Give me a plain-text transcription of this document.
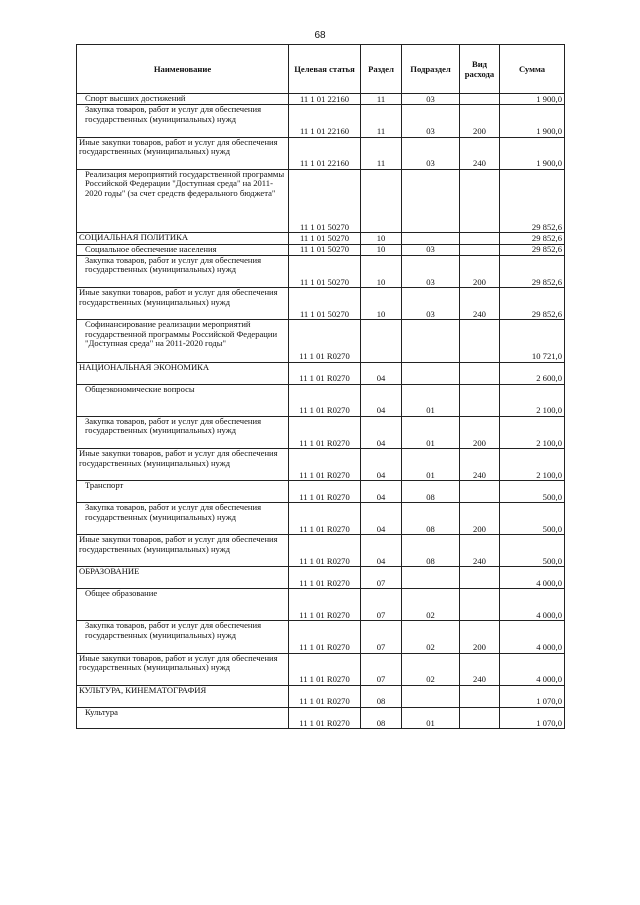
68
Наименование	Целевая статья	Раздел	Подраздел	Вид расхода	Сумма
Спорт высших достижений	11 1 01 22160	11	03		1 900,0
Закупка товаров, работ и услуг для обеспечения государственных (муниципальных) нужд	11 1 01 22160	11	03	200	1 900,0
Иные закупки товаров, работ и услуг для обеспечения государственных (муниципальных) нужд	11 1 01 22160	11	03	240	1 900,0
Реализация мероприятий государственной программы Российской Федерации "Доступная среда" на 2011-2020 годы" (за счет средств федерального бюджета"	11 1 01 50270				29 852,6
СОЦИАЛЬНАЯ ПОЛИТИКА	11 1 01 50270	10			29 852,6
Социальное обеспечение населения	11 1 01 50270	10	03		29 852,6
Закупка товаров, работ и услуг для обеспечения государственных (муниципальных) нужд	11 1 01 50270	10	03	200	29 852,6
Иные закупки товаров, работ и услуг для обеспечения государственных (муниципальных) нужд	11 1 01 50270	10	03	240	29 852,6
Софинансирование реализации мероприятий государственной программы Российской Федерации "Доступная среда" на 2011-2020 годы"	11 1 01 R0270				10 721,0
НАЦИОНАЛЬНАЯ ЭКОНОМИКА	11 1 01 R0270	04			2 600,0
Общеэкономические вопросы	11 1 01 R0270	04	01		2 100,0
Закупка товаров, работ и услуг для обеспечения государственных (муниципальных) нужд	11 1 01 R0270	04	01	200	2 100,0
Иные закупки товаров, работ и услуг для обеспечения государственных (муниципальных) нужд	11 1 01 R0270	04	01	240	2 100,0
Транспорт	11 1 01 R0270	04	08		500,0
Закупка товаров, работ и услуг для обеспечения государственных (муниципальных) нужд	11 1 01 R0270	04	08	200	500,0
Иные закупки товаров, работ и услуг для обеспечения государственных (муниципальных) нужд	11 1 01 R0270	04	08	240	500,0
ОБРАЗОВАНИЕ	11 1 01 R0270	07			4 000,0
Общее образование	11 1 01 R0270	07	02		4 000,0
Закупка товаров, работ и услуг для обеспечения государственных (муниципальных) нужд	11 1 01 R0270	07	02	200	4 000,0
Иные закупки товаров, работ и услуг для обеспечения государственных (муниципальных) нужд	11 1 01 R0270	07	02	240	4 000,0
КУЛЬТУРА, КИНЕМАТОГРАФИЯ	11 1 01 R0270	08			1 070,0
Культура	11 1 01 R0270	08	01		1 070,0
